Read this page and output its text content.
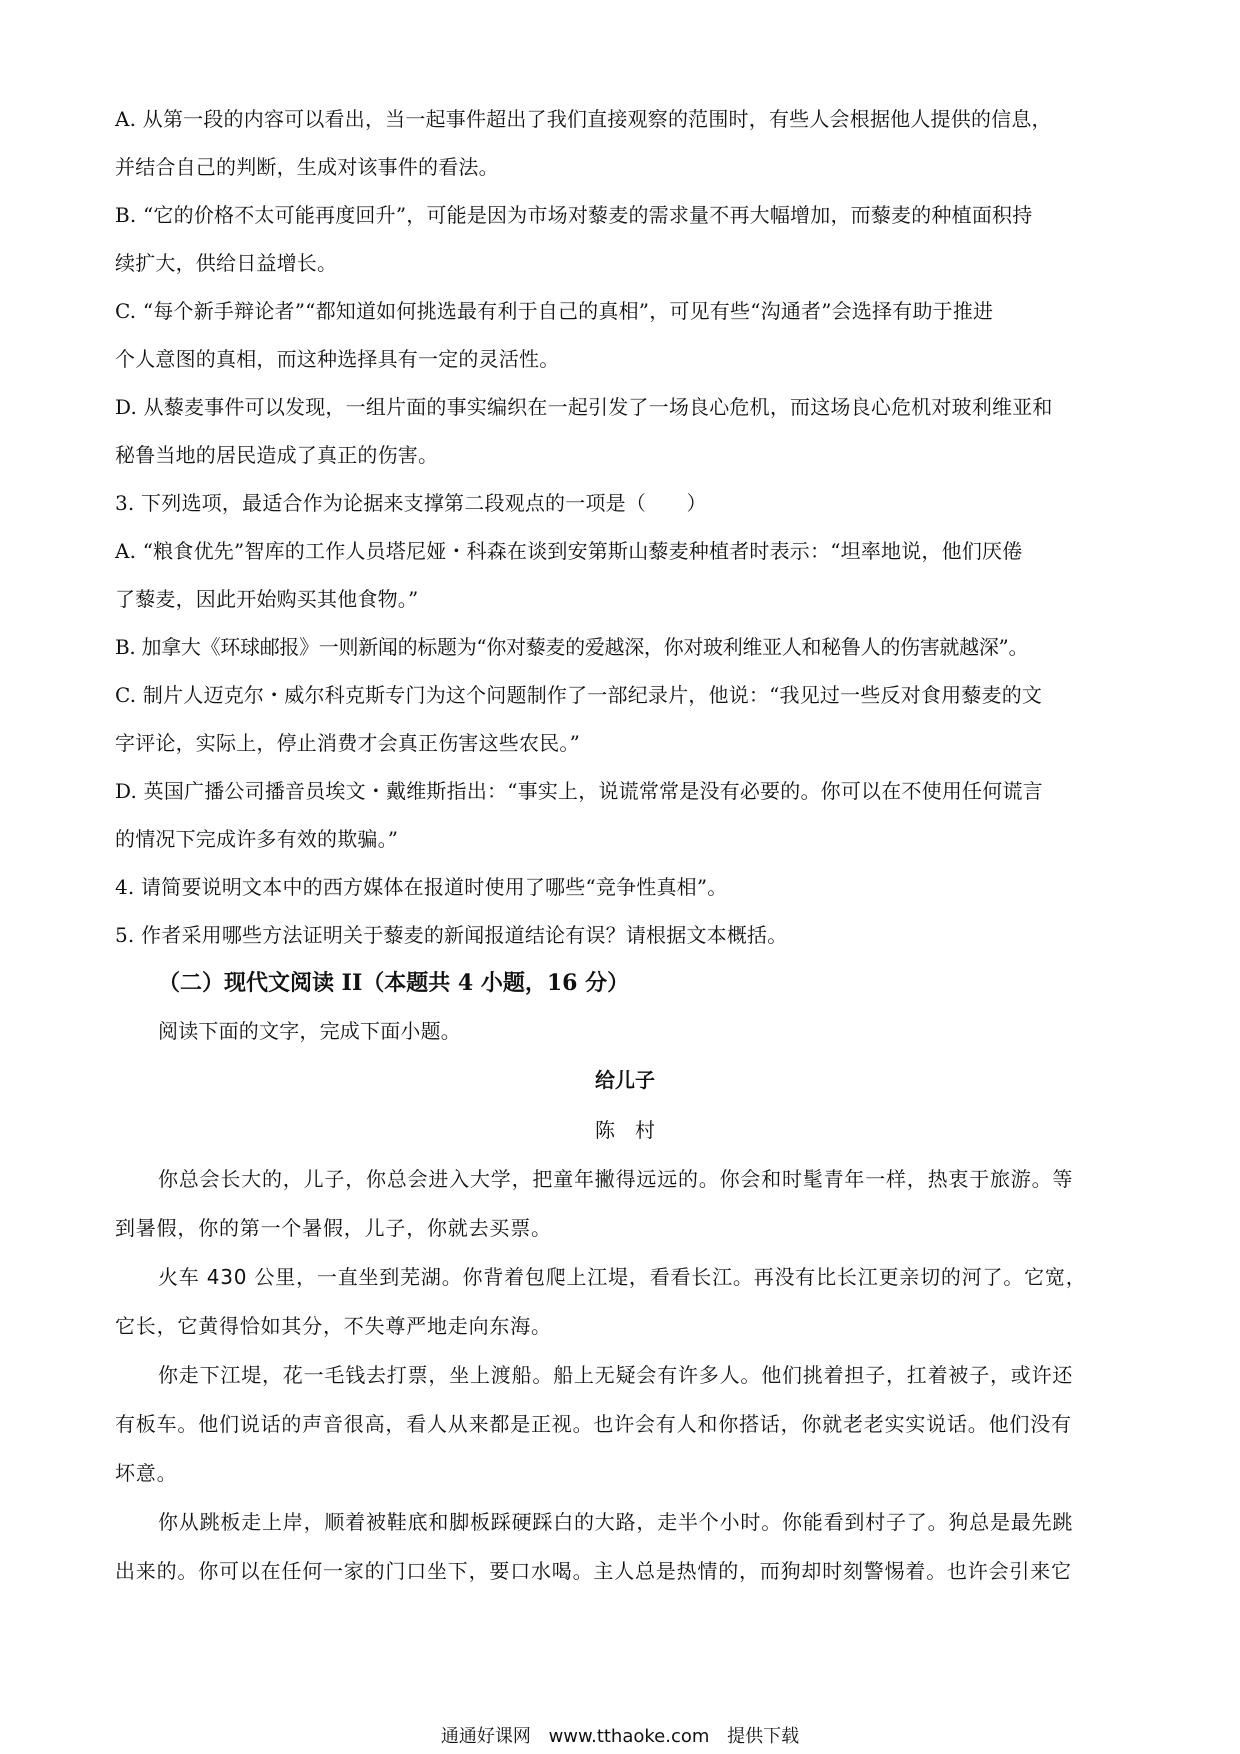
A. 从第一段的内容可以看出，当一起事件超出了我们直接观察的范围时，有些人会根据他人提供的信息，
并结合自己的判断，生成对该事件的看法。
B. “它的价格不太可能再度回升”，可能是因为市场对藜麦的需求量不再大幅增加，而藜麦的种植面积持
续扩大，供给日益增长。
C. “每个新手辩论者”“都知道如何挑选最有利于自己的真相”，可见有些“沟通者”会选择有助于推进
个人意图的真相，而这种选择具有一定的灵活性。
D. 从藜麦事件可以发现，一组片面的事实编织在一起引发了一场良心危机，而这场良心危机对玻利维亚和
秘鲁当地的居民造成了真正的伤害。
3. 下列选项，最适合作为论据来支撑第二段观点的一项是（　　）
A. “粮食优先”智库的工作人员塔尼娅・科森在谈到安第斯山藜麦种植者时表示：“坦率地说，他们厌倦
了藜麦，因此开始购买其他食物。”
B. 加拿大《环球邮报》一则新闻的标题为“你对藜麦的爱越深，你对玻利维亚人和秘鲁人的伤害就越深”。
C. 制片人迈克尔・威尔科克斯专门为这个问题制作了一部纪录片，他说：“我见过一些反对食用藜麦的文
字评论，实际上，停止消费才会真正伤害这些农民。”
D. 英国广播公司播音员埃文・戴维斯指出：“事实上，说谎常常是没有必要的。你可以在不使用任何谎言
的情况下完成许多有效的欺骗。”
4. 请简要说明文本中的西方媒体在报道时使用了哪些“竞争性真相”。
5. 作者采用哪些方法证明关于藜麦的新闻报道结论有误？请根据文本概括。
（二）现代文阅读 II（本题共 4 小题，16 分）
阅读下面的文字，完成下面小题。
给儿子
陈　村
你总会长大的，儿子，你总会进入大学，把童年撇得远远的。你会和时髦青年一样，热衷于旅游。等
到暑假，你的第一个暑假，儿子，你就去买票。
火车 430 公里，一直坐到芜湖。你背着包爬上江堤，看看长江。再没有比长江更亲切的河了。它宽，
它长，它黄得恰如其分，不失尊严地走向东海。
你走下江堤，花一毛钱去打票，坐上渡船。船上无疑会有许多人。他们挑着担子，扛着被子，或许还
有板车。他们说话的声音很高，看人从来都是正视。也许会有人和你搭话，你就老老实实说话。他们没有
坏意。
你从跳板走上岸，顺着被鞋底和脚板踩硬踩白的大路，走半个小时。你能看到村子了。狗总是最先跳
出来的。你可以在任何一家的门口坐下，要口水喝。主人总是热情的，而狗却时刻警惕着。也许会引来它
通通好课网 www.tthaoke.com 提供下载
